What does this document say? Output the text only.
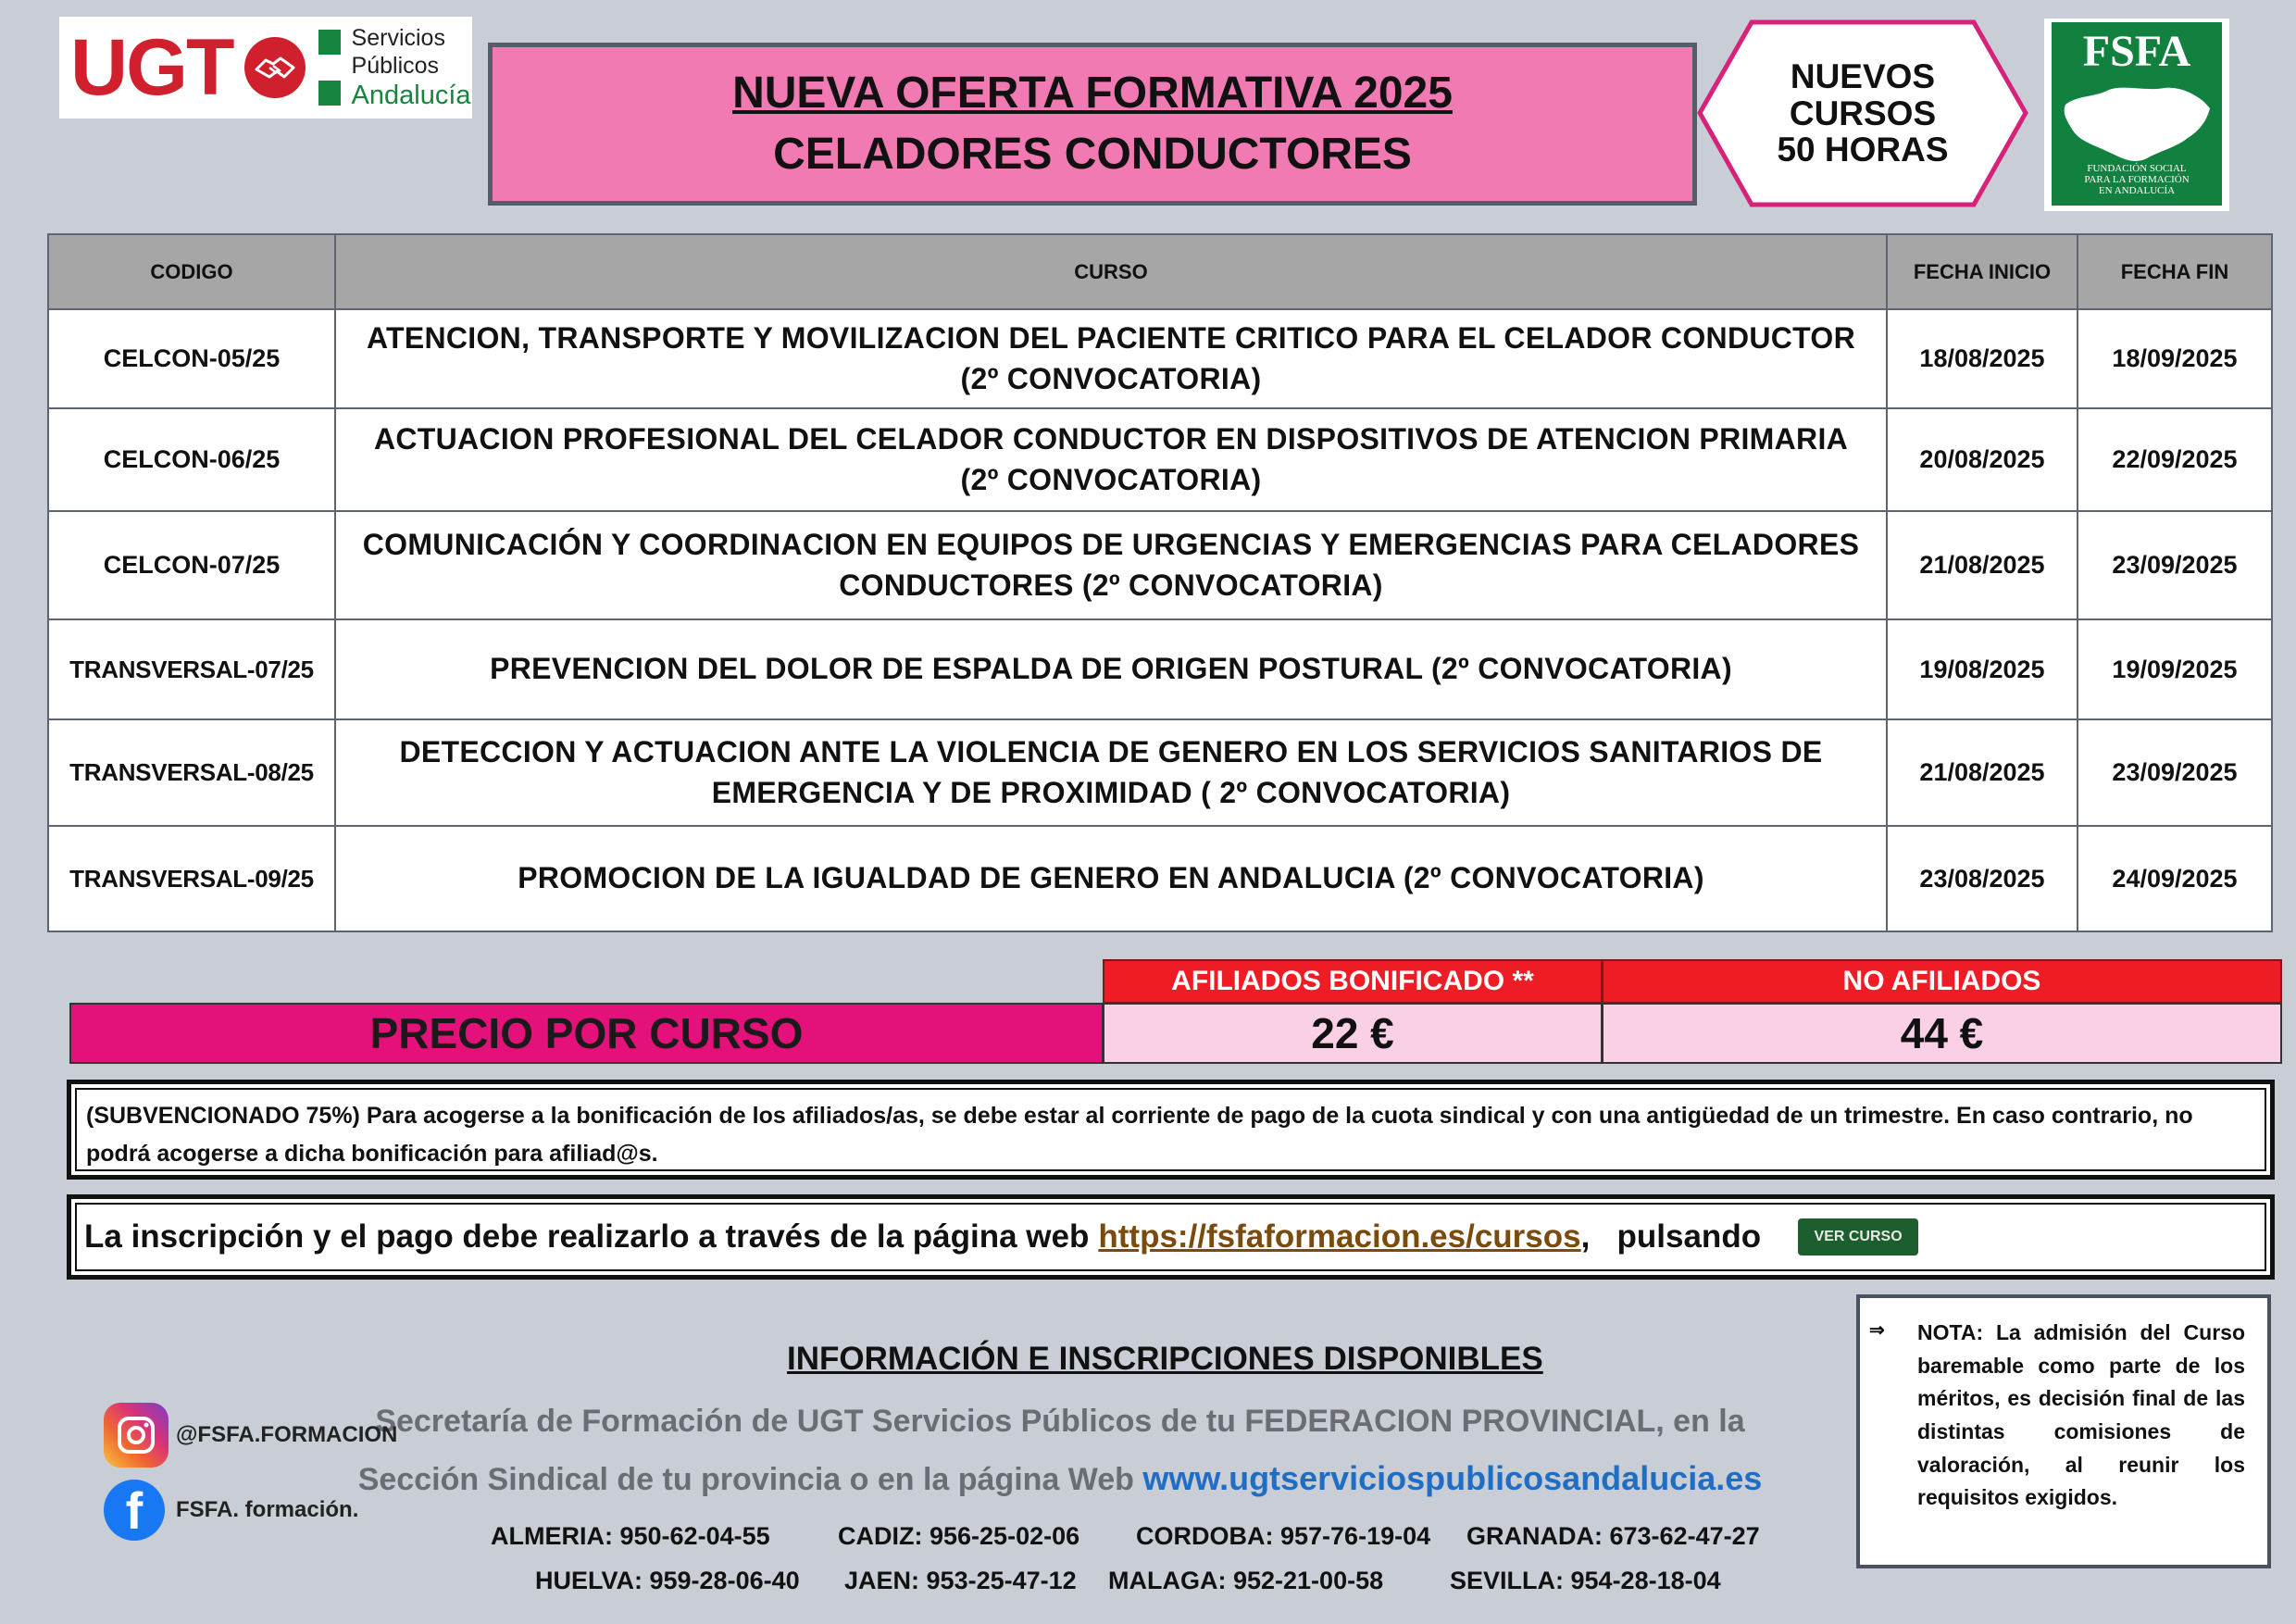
UGT	Servicios
Públicos
Andalucía	NUEVA OFERTA FORMATIVA 2025
CELADORES CONDUCTORES
NUEVOS
CURSOS
50 HORAS
FSFA
FUNDACIÓN SOCIAL
PARA LA FORMACIÓN
EN ANDALUCÍA
CODIGO	CURSO	FECHA INICIO	FECHA FIN
CELCON-05/25	ATENCION, TRANSPORTE Y MOVILIZACION DEL PACIENTE CRITICO PARA EL CELADOR CONDUCTOR (2º CONVOCATORIA)	18/08/2025	18/09/2025
CELCON-06/25	ACTUACION PROFESIONAL DEL CELADOR CONDUCTOR EN DISPOSITIVOS DE ATENCION PRIMARIA (2º CONVOCATORIA)	20/08/2025	22/09/2025
CELCON-07/25	COMUNICACIÓN Y COORDINACION EN EQUIPOS DE URGENCIAS Y EMERGENCIAS PARA CELADORES CONDUCTORES (2º CONVOCATORIA)	21/08/2025	23/09/2025
TRANSVERSAL-07/25	PREVENCION DEL DOLOR DE ESPALDA DE ORIGEN POSTURAL (2º CONVOCATORIA)	19/08/2025	19/09/2025
TRANSVERSAL-08/25	DETECCION Y ACTUACION ANTE LA VIOLENCIA DE GENERO EN LOS SERVICIOS SANITARIOS DE EMERGENCIA Y DE PROXIMIDAD ( 2º CONVOCATORIA)	21/08/2025	23/09/2025
TRANSVERSAL-09/25	PROMOCION DE LA IGUALDAD DE GENERO EN ANDALUCIA (2º CONVOCATORIA)	23/08/2025	24/09/2025
AFILIADOS BONIFICADO **	NO AFILIADOS
PRECIO POR CURSO	22 €	44 €
(SUBVENCIONADO 75%) Para acogerse a la bonificación de los afiliados/as, se debe estar al corriente de pago de la cuota sindical y con una antigüedad de un trimestre. En caso contrario, no podrá acogerse a dicha bonificación para afiliad@s.
La inscripción y el pago debe realizarlo a través de la página web https://fsfaformacion.es/cursos ,   pulsando	VER CURSO
⇒	NOTA: La admisión del Curso baremable como parte de los méritos, es decisión final de las distintas comisiones de valoración, al reunir los requisitos exigidos.
INFORMACIÓN E INSCRIPCIONES DISPONIBLES
Secretaría de Formación de UGT Servicios Públicos de tu FEDERACION PROVINCIAL, en la
Sección Sindical de tu provincia o en la página Web www.ugtserviciospublicosandalucia.es
ALMERIA: 950-62-04-55	CADIZ: 956-25-02-06 CORDOBA: 957-76-19-04 GRANADA: 673-62-47-27
HUELVA: 959-28-06-40 JAEN: 953-25-47-12 MALAGA: 952-21-00-58	SEVILLA: 954-28-18-04
@FSFA.FORMACION
f	FSFA. formación.
